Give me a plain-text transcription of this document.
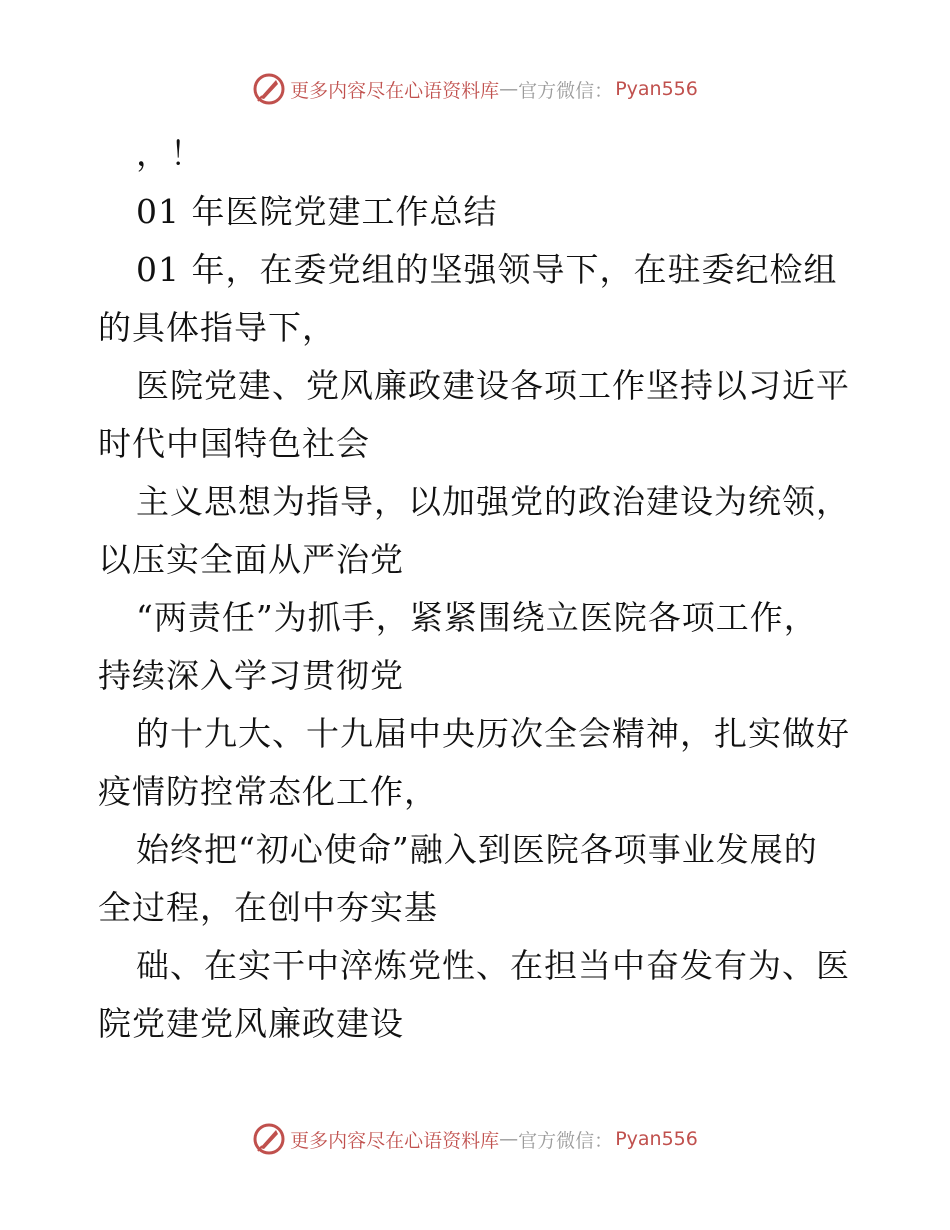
更多内容尽在心语资料库 — 官方微信： Pyan556
，！
01 年医院党建工作总结
01 年，在委党组的坚强领导下，在驻委纪检组
的具体指导下，
医院党建、党风廉政建设各项工作坚持以习近平
时代中国特色社会
主义思想为指导，以加强党的政治建设为统领，
以压实全面从严治党
“两责任”为抓手，紧紧围绕立医院各项工作，
持续深入学习贯彻党
的十九大、十九届中央历次全会精神，扎实做好
疫情防控常态化工作，
始终把“初心使命”融入到医院各项事业发展的
全过程，在创中夯实基
础、在实干中淬炼党性、在担当中奋发有为、医
院党建党风廉政建设
更多内容尽在心语资料库 — 官方微信： Pyan556
